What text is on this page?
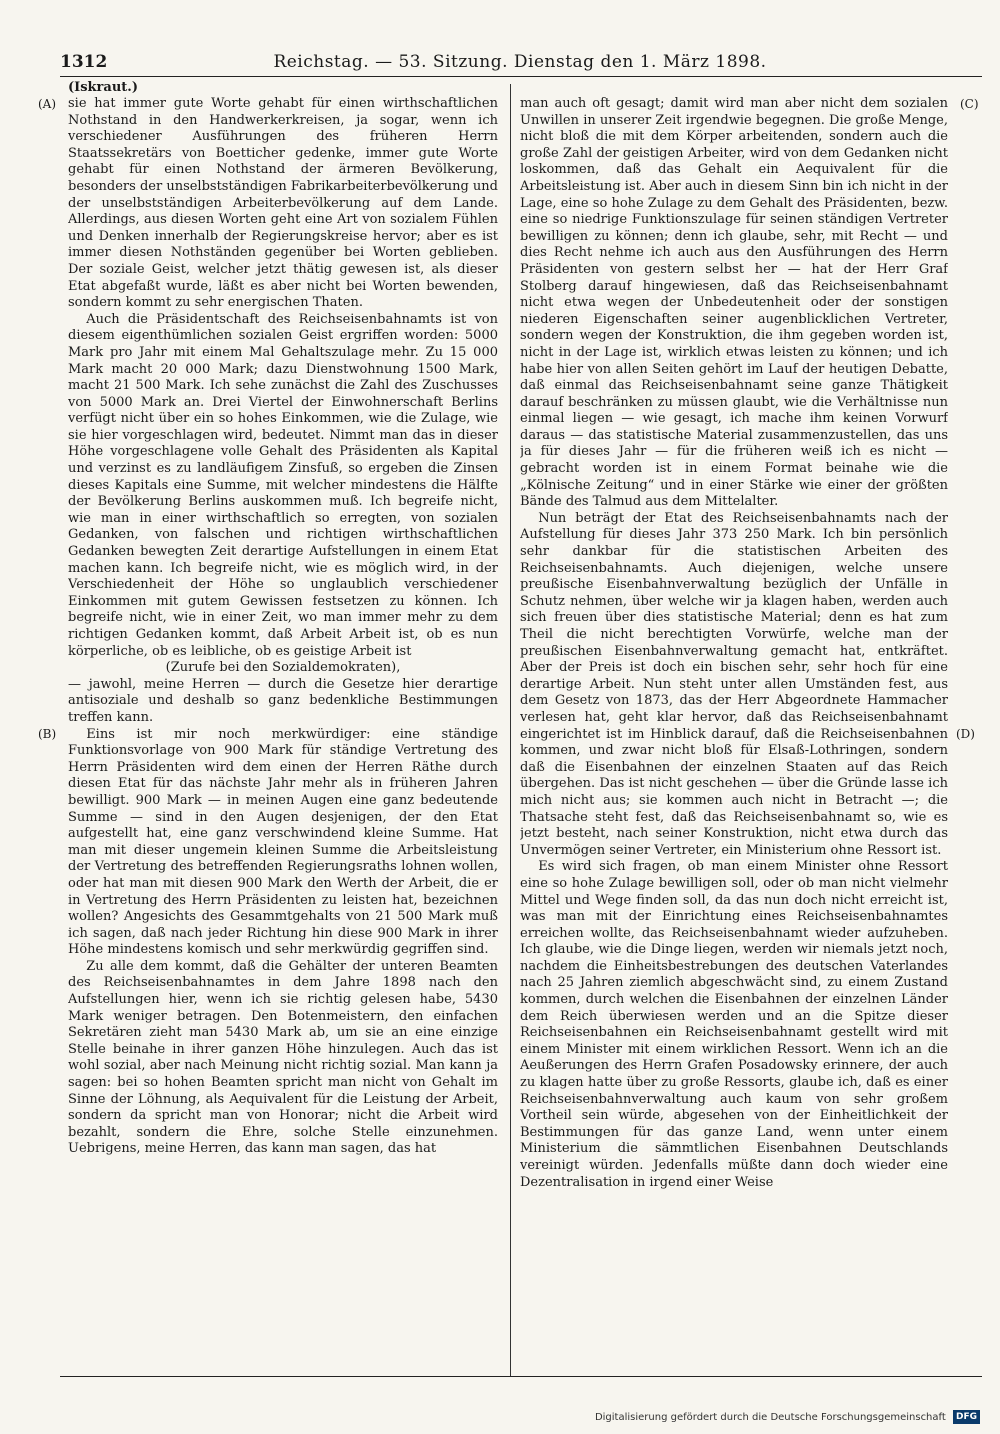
1312	Reichstag. — 53. Sitzung. Dienstag den 1. März 1898.
(Iskraut.)
(A)
(B)
(C)
(D)

sie hat immer gute Worte gehabt für einen wirthschaftlichen Nothstand in den Handwerkerkreisen, ja sogar, wenn ich verschiedener Ausführungen des früheren Herrn Staatssekretärs von Boetticher gedenke, immer gute Worte gehabt für einen Nothstand der ärmeren Bevölkerung, besonders der unselbstständigen Fabrikarbeiterbevölkerung und der unselbstständigen Arbeiterbevölkerung auf dem Lande. Allerdings, aus diesen Worten geht eine Art von sozialem Fühlen und Denken innerhalb der Regierungskreise hervor; aber es ist immer diesen Nothständen gegenüber bei Worten geblieben. Der soziale Geist, welcher jetzt thätig gewesen ist, als dieser Etat abgefaßt wurde, läßt es aber nicht bei Worten bewenden, sondern kommt zu sehr energischen Thaten.

Auch die Präsidentschaft des Reichseisenbahnamts ist von diesem eigenthümlichen sozialen Geist ergriffen worden: 5000 Mark pro Jahr mit einem Mal Gehaltszulage mehr. Zu 15 000 Mark macht 20 000 Mark; dazu Dienstwohnung 1500 Mark, macht 21 500 Mark. Ich sehe zunächst die Zahl des Zuschusses von 5000 Mark an. Drei Viertel der Einwohnerschaft Berlins verfügt nicht über ein so hohes Einkommen, wie die Zulage, wie sie hier vorgeschlagen wird, bedeutet. Nimmt man das in dieser Höhe vorgeschlagene volle Gehalt des Präsidenten als Kapital und verzinst es zu landläufigem Zinsfuß, so ergeben die Zinsen dieses Kapitals eine Summe, mit welcher mindestens die Hälfte der Bevölkerung Berlins auskommen muß. Ich begreife nicht, wie man in einer wirthschaftlich so erregten, von sozialen Gedanken, von falschen und richtigen wirthschaftlichen Gedanken bewegten Zeit derartige Aufstellungen in einem Etat machen kann. Ich begreife nicht, wie es möglich wird, in der Verschiedenheit der Höhe so unglaublich verschiedener Einkommen mit gutem Gewissen festsetzen zu können. Ich begreife nicht, wie in einer Zeit, wo man immer mehr zu dem richtigen Gedanken kommt, daß Arbeit Arbeit ist, ob es nun körperliche, ob es leibliche, ob es geistige Arbeit ist

(Zurufe bei den Sozialdemokraten),

— jawohl, meine Herren — durch die Gesetze hier derartige antisoziale und deshalb so ganz bedenkliche Bestimmungen treffen kann.

Eins ist mir noch merkwürdiger: eine ständige Funktionsvorlage von 900 Mark für ständige Vertretung des Herrn Präsidenten wird dem einen der Herren Räthe durch diesen Etat für das nächste Jahr mehr als in früheren Jahren bewilligt. 900 Mark — in meinen Augen eine ganz bedeutende Summe — sind in den Augen desjenigen, der den Etat aufgestellt hat, eine ganz verschwindend kleine Summe. Hat man mit dieser ungemein kleinen Summe die Arbeitsleistung der Vertretung des betreffenden Regierungsraths lohnen wollen, oder hat man mit diesen 900 Mark den Werth der Arbeit, die er in Vertretung des Herrn Präsidenten zu leisten hat, bezeichnen wollen? Angesichts des Gesammtgehalts von 21 500 Mark muß ich sagen, daß nach jeder Richtung hin diese 900 Mark in ihrer Höhe mindestens komisch und sehr merkwürdig gegriffen sind.

Zu alle dem kommt, daß die Gehälter der unteren Beamten des Reichseisenbahnamtes in dem Jahre 1898 nach den Aufstellungen hier, wenn ich sie richtig gelesen habe, 5430 Mark weniger betragen. Den Botenmeistern, den einfachen Sekretären zieht man 5430 Mark ab, um sie an eine einzige Stelle beinahe in ihrer ganzen Höhe hinzulegen. Auch das ist wohl sozial, aber nach Meinung nicht richtig sozial. Man kann ja sagen: bei so hohen Beamten spricht man nicht von Gehalt im Sinne der Löhnung, als Aequivalent für die Leistung der Arbeit, sondern da spricht man von Honorar; nicht die Arbeit wird bezahlt, sondern die Ehre, solche Stelle einzunehmen. Uebrigens, meine Herren, das kann man sagen, das hat

man auch oft gesagt; damit wird man aber nicht dem sozialen Unwillen in unserer Zeit irgendwie begegnen. Die große Menge, nicht bloß die mit dem Körper arbeitenden, sondern auch die große Zahl der geistigen Arbeiter, wird von dem Gedanken nicht loskommen, daß das Gehalt ein Aequivalent für die Arbeitsleistung ist. Aber auch in diesem Sinn bin ich nicht in der Lage, eine so hohe Zulage zu dem Gehalt des Präsidenten, bezw. eine so niedrige Funktionszulage für seinen ständigen Vertreter bewilligen zu können; denn ich glaube, sehr, mit Recht — und dies Recht nehme ich auch aus den Ausführungen des Herrn Präsidenten von gestern selbst her — hat der Herr Graf Stolberg darauf hingewiesen, daß das Reichseisenbahnamt nicht etwa wegen der Unbedeutenheit oder der sonstigen niederen Eigenschaften seiner augenblicklichen Vertreter, sondern wegen der Konstruktion, die ihm gegeben worden ist, nicht in der Lage ist, wirklich etwas leisten zu können; und ich habe hier von allen Seiten gehört im Lauf der heutigen Debatte, daß einmal das Reichseisenbahnamt seine ganze Thätigkeit darauf beschränken zu müssen glaubt, wie die Verhältnisse nun einmal liegen — wie gesagt, ich mache ihm keinen Vorwurf daraus — das statistische Material zusammenzustellen, das uns ja für dieses Jahr — für die früheren weiß ich es nicht — gebracht worden ist in einem Format beinahe wie die „Kölnische Zeitung“ und in einer Stärke wie einer der größten Bände des Talmud aus dem Mittelalter.

Nun beträgt der Etat des Reichseisenbahnamts nach der Aufstellung für dieses Jahr 373 250 Mark. Ich bin persönlich sehr dankbar für die statistischen Arbeiten des Reichseisenbahnamts. Auch diejenigen, welche unsere preußische Eisenbahnverwaltung bezüglich der Unfälle in Schutz nehmen, über welche wir ja klagen haben, werden auch sich freuen über dies statistische Material; denn es hat zum Theil die nicht berechtigten Vorwürfe, welche man der preußischen Eisenbahnverwaltung gemacht hat, entkräftet. Aber der Preis ist doch ein bischen sehr, sehr hoch für eine derartige Arbeit. Nun steht unter allen Umständen fest, aus dem Gesetz von 1873, das der Herr Abgeordnete Hammacher verlesen hat, geht klar hervor, daß das Reichseisenbahnamt eingerichtet ist im Hinblick darauf, daß die Reichseisenbahnen kommen, und zwar nicht bloß für Elsaß-Lothringen, sondern daß die Eisenbahnen der einzelnen Staaten auf das Reich übergehen. Das ist nicht geschehen — über die Gründe lasse ich mich nicht aus; sie kommen auch nicht in Betracht —; die Thatsache steht fest, daß das Reichseisenbahnamt so, wie es jetzt besteht, nach seiner Konstruktion, nicht etwa durch das Unvermögen seiner Vertreter, ein Ministerium ohne Ressort ist.

Es wird sich fragen, ob man einem Minister ohne Ressort eine so hohe Zulage bewilligen soll, oder ob man nicht vielmehr Mittel und Wege finden soll, da das nun doch nicht erreicht ist, was man mit der Einrichtung eines Reichseisenbahnamtes erreichen wollte, das Reichseisenbahnamt wieder aufzuheben. Ich glaube, wie die Dinge liegen, werden wir niemals jetzt noch, nachdem die Einheitsbestrebungen des deutschen Vaterlandes nach 25 Jahren ziemlich abgeschwächt sind, zu einem Zustand kommen, durch welchen die Eisenbahnen der einzelnen Länder dem Reich überwiesen werden und an die Spitze dieser Reichseisenbahnen ein Reichseisenbahnamt gestellt wird mit einem Minister mit einem wirklichen Ressort. Wenn ich an die Aeußerungen des Herrn Grafen Posadowsky erinnere, der auch zu klagen hatte über zu große Ressorts, glaube ich, daß es einer Reichseisenbahnverwaltung auch kaum von sehr großem Vortheil sein würde, abgesehen von der Einheitlichkeit der Bestimmungen für das ganze Land, wenn unter einem Ministerium die sämmtlichen Eisenbahnen Deutschlands vereinigt würden. Jedenfalls müßte dann doch wieder eine Dezentralisation in irgend einer Weise

Digitalisierung gefördert durch die Deutsche Forschungsgemeinschaft DFG
